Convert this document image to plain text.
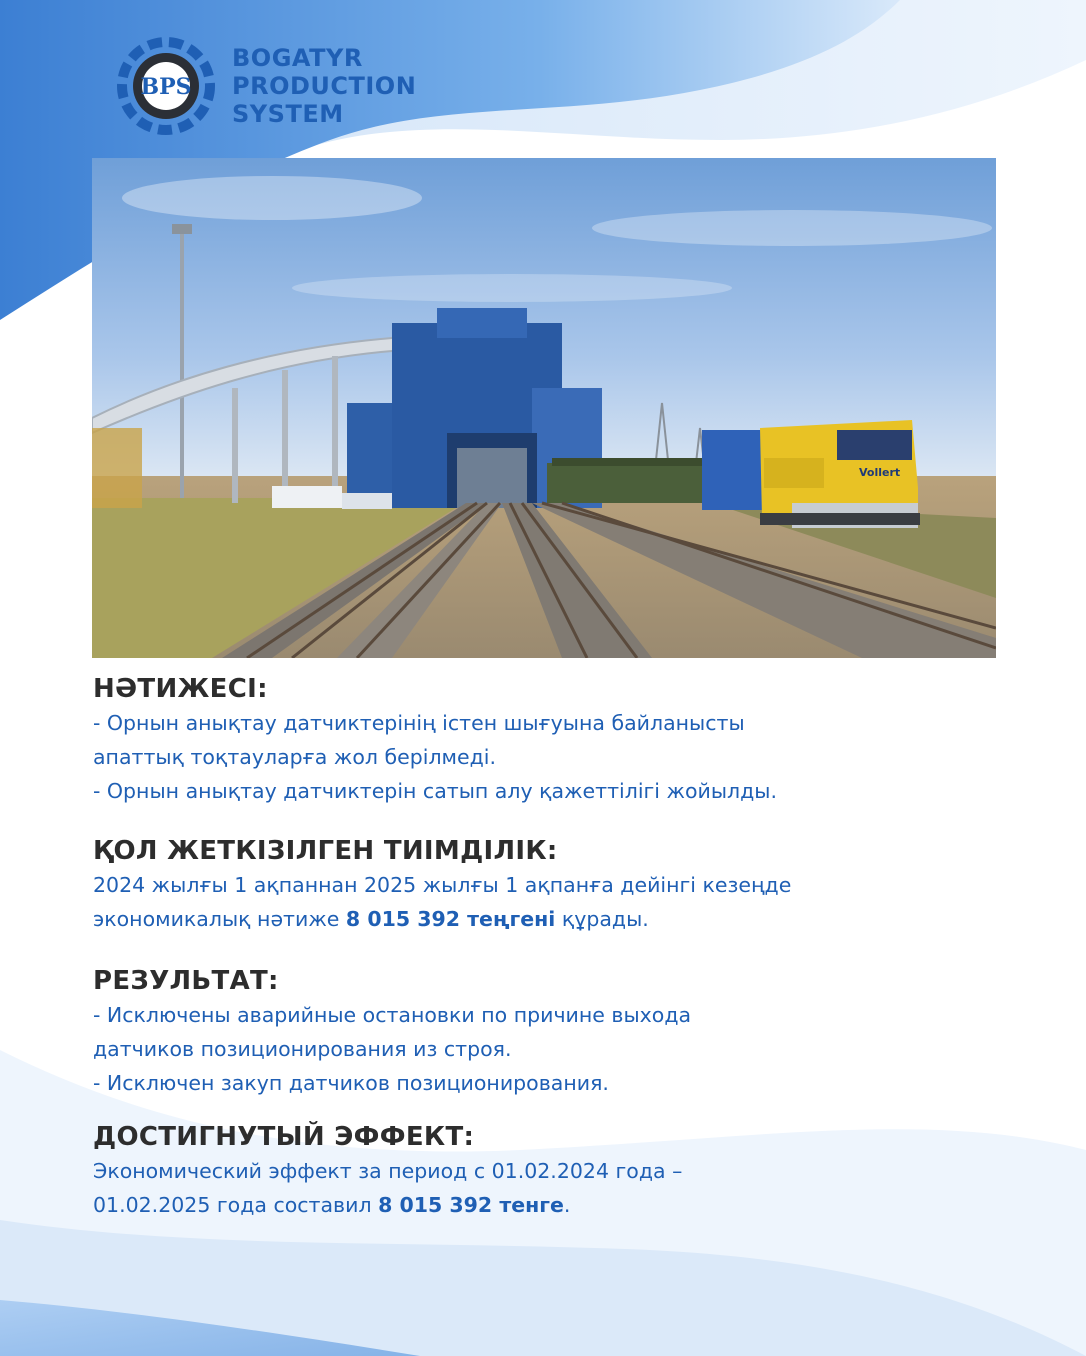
BPS
BOGATYR
PRODUCTION
SYSTEM
Vollert
НӘТИЖЕСІ:
- Орнын анықтау датчиктерінің істен шығуына байланысты
апаттық тоқтауларға жол берілмеді.
- Орнын анықтау датчиктерін сатып алу қажеттілігі жойылды.
ҚОЛ ЖЕТКІЗІЛГЕН ТИІМДІЛІК:
2024 жылғы 1 ақпаннан 2025 жылғы 1 ақпанға дейінгі кезеңде
экономикалық нәтиже 8 015 392 теңгені құрады.
РЕЗУЛЬТАТ:
- Исключены аварийные остановки по причине выхода
датчиков позиционирования из строя.
- Исключен закуп датчиков позиционирования.
ДОСТИГНУТЫЙ ЭФФЕКТ:
Экономический эффект за период с 01.02.2024 года –
01.02.2025 года составил 8 015 392 тенге.
